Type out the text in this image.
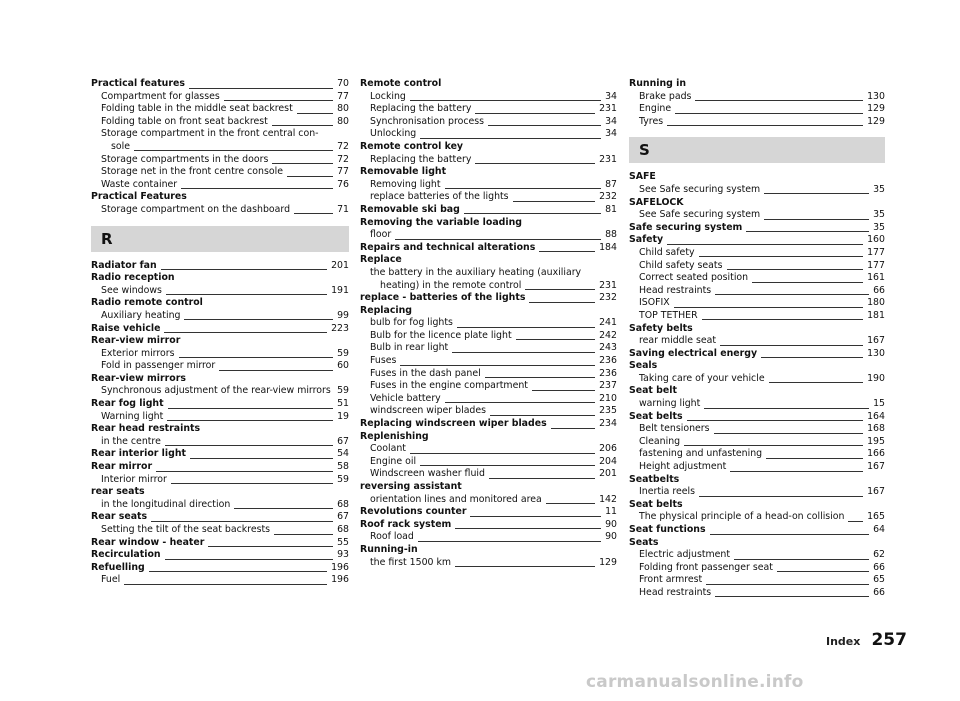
Practical features	70
Compartment for glasses	77
Folding table in the middle seat backrest	80
Folding table on front seat backrest	80
Storage compartment in the front central con-
sole	72
Storage compartments in the doors	72
Storage net in the front centre console	77
Waste container	76
Practical Features
Storage compartment on the dashboard	71
R
Radiator fan	201
Radio reception
See windows	191
Radio remote control
Auxiliary heating	99
Raise vehicle	223
Rear-view mirror
Exterior mirrors	59
Fold in passenger mirror	60
Rear-view mirrors
Synchronous adjustment of the rear-view mirrors 59
Rear fog light	51
Warning light	19
Rear head restraints
in the centre	67
Rear interior light	54
Rear mirror	58
Interior mirror	59
rear seats
in the longitudinal direction	68
Rear seats	67
Setting the tilt of the seat backrests	68
Rear window - heater	55
Recirculation	93
Refuelling	196
Fuel	196
Remote control
Locking	34
Replacing the battery	231
Synchronisation process	34
Unlocking	34
Remote control key
Replacing the battery	231
Removable light
Removing light	87
replace batteries of the lights	232
Removable ski bag	81
Removing the variable loading
floor	88
Repairs and technical alterations	184
Replace
the battery in the auxiliary heating (auxiliary
heating) in the remote control	231
replace - batteries of the lights	232
Replacing
bulb for fog lights	241
Bulb for the licence plate light	242
Bulb in rear light	243
Fuses	236
Fuses in the dash panel	236
Fuses in the engine compartment	237
Vehicle battery	210
windscreen wiper blades	235
Replacing windscreen wiper blades	234
Replenishing
Coolant	206
Engine oil	204
Windscreen washer fluid	201
reversing assistant
orientation lines and monitored area	142
Revolutions counter	11
Roof rack system	90
Roof load	90
Running-in
the first 1500 km	129
Running in
Brake pads	130
Engine	129
Tyres	129
S
SAFE
See Safe securing system	35
SAFELOCK
See Safe securing system	35
Safe securing system	35
Safety	160
Child safety	177
Child safety seats	177
Correct seated position	161
Head restraints	66
ISOFIX	180
TOP TETHER	181
Safety belts
rear middle seat	167
Saving electrical energy	130
Seals
Taking care of your vehicle	190
Seat belt
warning light	15
Seat belts	164
Belt tensioners	168
Cleaning	195
fastening and unfastening	166
Height adjustment	167
Seatbelts
Inertia reels	167
Seat belts
The physical principle of a head-on collision	165
Seat functions	64
Seats
Electric adjustment	62
Folding front passenger seat	66
Front armrest	65
Head restraints	66
Index 257
carmanualsonline.info
